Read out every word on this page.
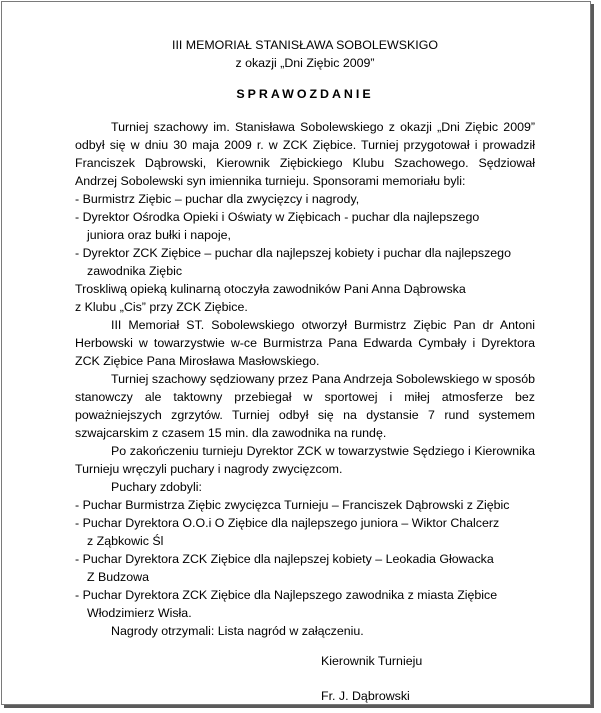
III MEMORIAŁ STANISŁAWA SOBOLEWSKIGO

z okazji „Dni Ziębic 2009”

SPRAWOZDANIE

Turniej szachowy im. Stanisława Sobolewskiego z okazji „Dni Ziębic 2009” odbył się w dniu 30 maja 2009 r. w ZCK Ziębice. Turniej przygotował i prowadził Franciszek Dąbrowski, Kierownik Ziębickiego Klubu Szachowego. Sędziował Andrzej Sobolewski syn imiennika turnieju. Sponsorami memoriału byli:

- Burmistrz Ziębic – puchar dla zwycięzcy i nagrody,
- Dyrektor Ośrodka Opieki i Oświaty w Ziębicach - puchar dla najlepszego
juniora oraz bułki i napoje,
- Dyrektor ZCK Ziębice – puchar dla najlepszej kobiety i puchar dla najlepszego
zawodnika Ziębic

Troskliwą opieką kulinarną otoczyła zawodników Pani Anna Dąbrowska

z Klubu „Cis” przy ZCK Ziębice.

III Memoriał ST. Sobolewskiego otworzył Burmistrz Ziębic Pan dr Antoni Herbowski w towarzystwie w-ce Burmistrza Pana Edwarda Cymbały i Dyrektora ZCK Ziębice Pana Mirosława Masłowskiego.

Turniej szachowy sędziowany przez Pana Andrzeja Sobolewskiego w sposób stanowczy ale taktowny przebiegał w sportowej i miłej atmosferze bez poważniejszych zgrzytów. Turniej odbył się na dystansie 7 rund systemem szwajcarskim z czasem 15 min. dla zawodnika na rundę.

Po zakończeniu turnieju Dyrektor ZCK w towarzystwie Sędziego i Kierownika Turnieju wręczyli puchary i nagrody zwycięzcom.

Puchary zdobyli:

- Puchar Burmistrza Ziębic zwycięzca Turnieju – Franciszek Dąbrowski z Ziębic
- Puchar Dyrektora O.O.i O Ziębice dla najlepszego juniora – Wiktor Chalcerz
z Ząbkowic Śl
- Puchar Dyrektora ZCK Ziębice dla najlepszej kobiety – Leokadia Głowacka
Z Budzowa
- Puchar Dyrektora ZCK Ziębice dla Najlepszego zawodnika z miasta Ziębice
Włodzimierz Wisła.

Nagrody otrzymali: Lista nagród w załączeniu.

Kierownik Turnieju

Fr. J. Dąbrowski
